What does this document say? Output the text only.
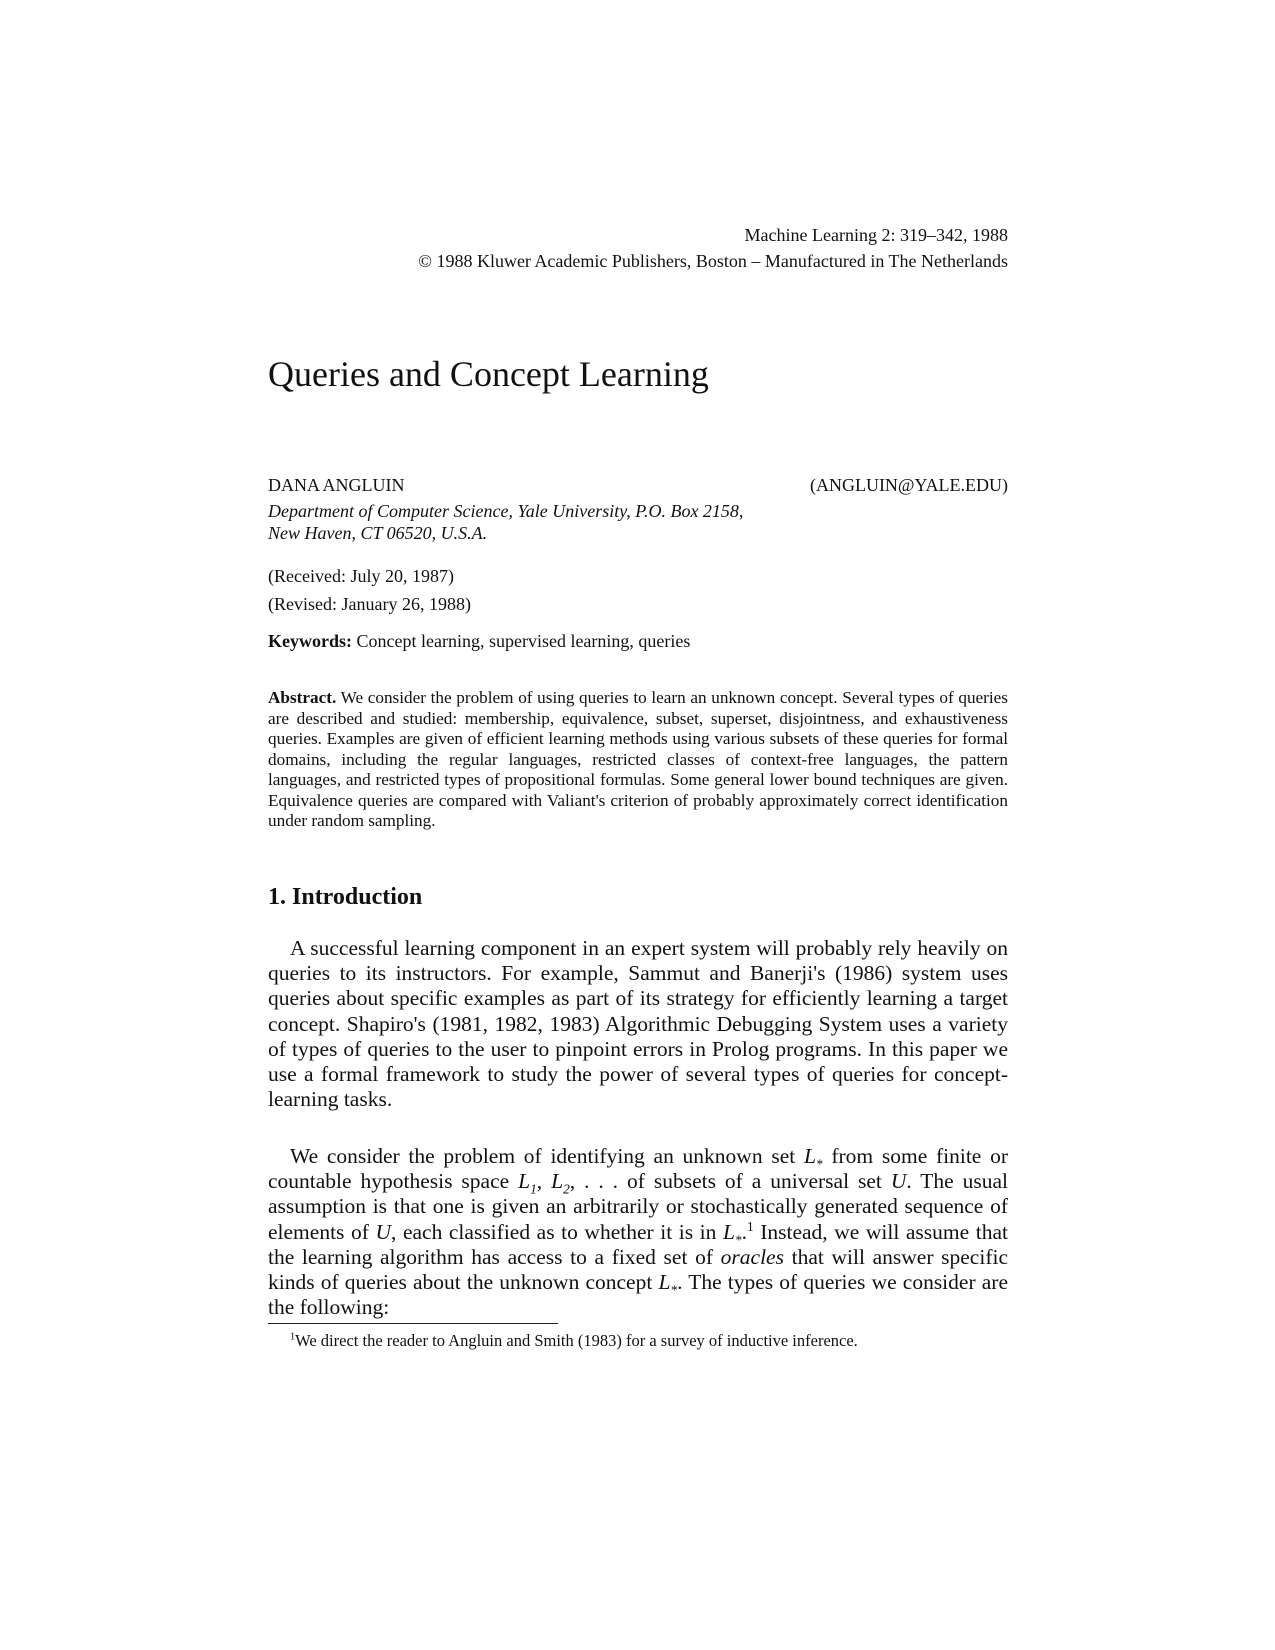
Machine Learning 2: 319–342, 1988
© 1988 Kluwer Academic Publishers, Boston – Manufactured in The Netherlands
Queries and Concept Learning
DANA ANGLUIN	(ANGLUIN@YALE.EDU)
Department of Computer Science, Yale University, P.O. Box 2158,
New Haven, CT 06520, U.S.A.
(Received: July 20, 1987)
(Revised: January 26, 1988)
Keywords: Concept learning, supervised learning, queries

Abstract. We consider the problem of using queries to learn an unknown concept. Several types of queries are described and studied: membership, equivalence, subset, superset, disjointness, and exhaustiveness queries. Examples are given of efficient learning methods using various subsets of these queries for formal domains, including the regular languages, restricted classes of context-free languages, the pattern languages, and restricted types of propositional formulas. Some general lower bound techniques are given. Equivalence queries are compared with Valiant's criterion of probably approximately correct identification under random sampling.

1. Introduction

A successful learning component in an expert system will probably rely heavily on queries to its instructors. For example, Sammut and Banerji's (1986) system uses queries about specific examples as part of its strategy for efficiently learning a target concept. Shapiro's (1981, 1982, 1983) Algorithmic Debugging System uses a variety of types of queries to the user to pinpoint errors in Prolog programs. In this paper we use a formal framework to study the power of several types of queries for concept-learning tasks.

We consider the problem of identifying an unknown set $L_*$ from some finite or countable hypothesis space $L_1$, $L_2$, . . . of subsets of a universal set U. The usual assumption is that one is given an arbitrarily or stochastically generated sequence of elements of U, each classified as to whether it is in $L_*.^1$ Instead, we will assume that the learning algorithm has access to a fixed set of oracles that will answer specific kinds of queries about the unknown concept $L_*$. The types of queries we consider are the following:

$^1$We direct the reader to Angluin and Smith (1983) for a survey of inductive inference.
